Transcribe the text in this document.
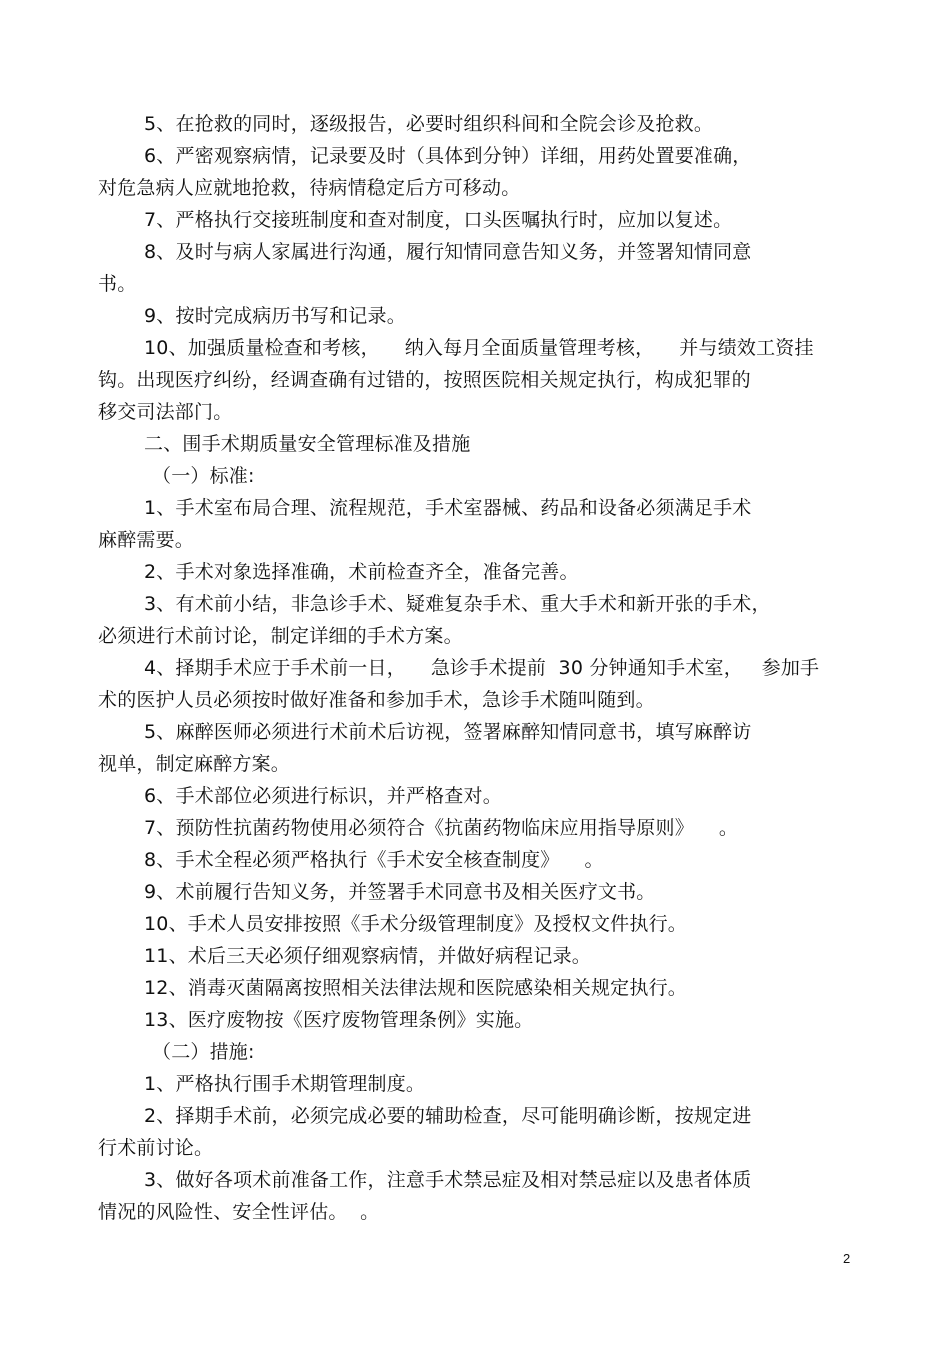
5、在抢救的同时，逐级报告，必要时组织科间和全院会诊及抢救。
6、严密观察病情，记录要及时（具体到分钟）详细，用药处置要准确，
对危急病人应就地抢救，待病情稳定后方可移动。
7、严格执行交接班制度和查对制度，口头医嘱执行时，应加以复述。
8、及时与病人家属进行沟通，履行知情同意告知义务，并签署知情同意
书。
9、按时完成病历书写和记录。
10、加强质量检查和考核，    纳入每月全面质量管理考核，    并与绩效工资挂
钩。出现医疗纠纷，经调查确有过错的，按照医院相关规定执行，构成犯罪的
移交司法部门。
二、围手术期质量安全管理标准及措施
（一）标准:
1、手术室布局合理、流程规范，手术室器械、药品和设备必须满足手术
麻醉需要。
2、手术对象选择准确，术前检查齐全，准备完善。
3、有术前小结，非急诊手术、疑难复杂手术、重大手术和新开张的手术，
必须进行术前讨论，制定详细的手术方案。
4、择期手术应于手术前一日，    急诊手术提前  30 分钟通知手术室，   参加手
术的医护人员必须按时做好准备和参加手术，急诊手术随叫随到。
5、麻醉医师必须进行术前术后访视，签署麻醉知情同意书，填写麻醉访
视单，制定麻醉方案。
6、手术部位必须进行标识，并严格查对。
7、预防性抗菌药物使用必须符合《抗菌药物临床应用指导原则》    。
8、手术全程必须严格执行《手术安全核查制度》    。
9、术前履行告知义务，并签署手术同意书及相关医疗文书。
10、手术人员安排按照《手术分级管理制度》及授权文件执行。
11、术后三天必须仔细观察病情，并做好病程记录。
12、消毒灭菌隔离按照相关法律法规和医院感染相关规定执行。
13、医疗废物按《医疗废物管理条例》实施。
（二）措施:
1、严格执行围手术期管理制度。
2、择期手术前，必须完成必要的辅助检查，尽可能明确诊断，按规定进
行术前讨论。
3、做好各项术前准备工作，注意手术禁忌症及相对禁忌症以及患者体质
情况的风险性、安全性评估。  。
2
